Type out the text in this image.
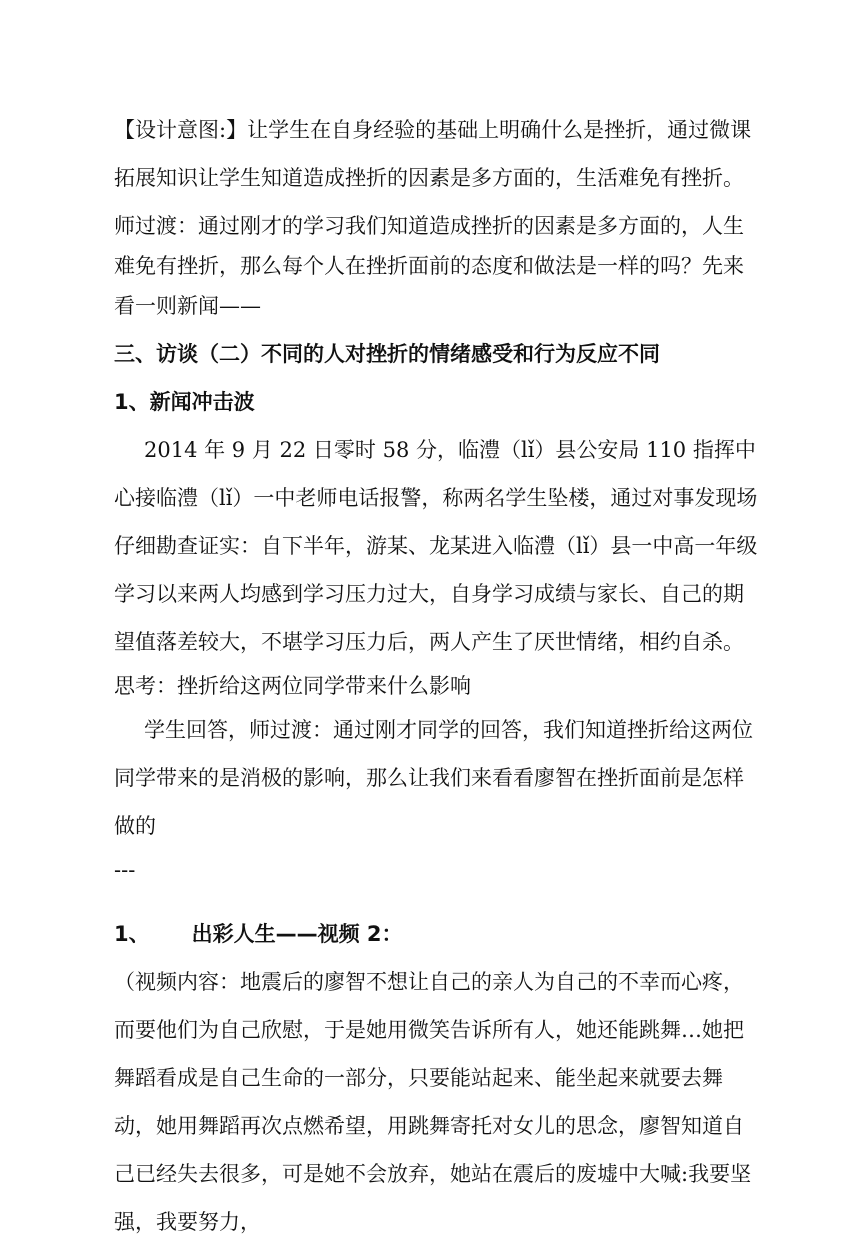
【设计意图:】让学生在自身经验的基础上明确什么是挫折，通过微课拓展知识让学生知道造成挫折的因素是多方面的，生活难免有挫折。

师过渡：通过刚才的学习我们知道造成挫折的因素是多方面的，人生难免有挫折，那么每个人在挫折面前的态度和做法是一样的吗？先来看一则新闻——

三、访谈（二）不同的人对挫折的情绪感受和行为反应不同

1、新闻冲击波

2014 年 9 月 22 日零时 58 分，临澧（lǐ）县公安局 110 指挥中心接临澧（lǐ）一中老师电话报警，称两名学生坠楼，通过对事发现场仔细勘查证实：自下半年，游某、龙某进入临澧（lǐ）县一中高一年级学习以来两人均感到学习压力过大，自身学习成绩与家长、自己的期望值落差较大，不堪学习压力后，两人产生了厌世情绪，相约自杀。

思考：挫折给这两位同学带来什么影响

学生回答，师过渡：通过刚才同学的回答，我们知道挫折给这两位同学带来的是消极的影响，那么让我们来看看廖智在挫折面前是怎样做的

---

1、 出彩人生——视频 2：

（视频内容：地震后的廖智不想让自己的亲人为自己的不幸而心疼，而要他们为自己欣慰，于是她用微笑告诉所有人，她还能跳舞…她把舞蹈看成是自己生命的一部分，只要能站起来、能坐起来就要去舞动，她用舞蹈再次点燃希望，用跳舞寄托对女儿的思念，廖智知道自己已经失去很多，可是她不会放弃，她站在震后的废墟中大喊:我要坚强，我要努力，
